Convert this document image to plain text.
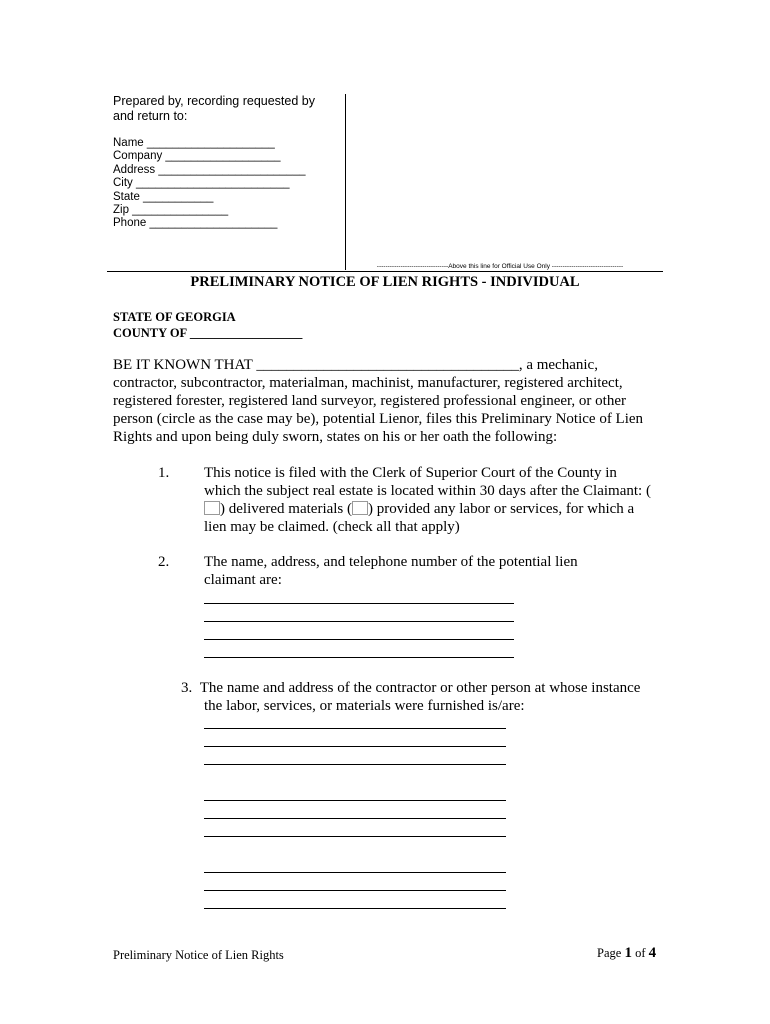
Prepared by, recording requested by and return to:
Name ____________________
Company __________________
Address _______________________
City ________________________
State ___________
Zip _______________
Phone ____________________
---------------------------------Above this line for Official Use Only ---------------------------------
PRELIMINARY NOTICE OF LIEN RIGHTS - INDIVIDUAL
STATE OF GEORGIA
COUNTY OF __________________
BE IT KNOWN THAT ___________________________________, a mechanic, contractor, subcontractor, materialman, machinist, manufacturer, registered architect, registered forester, registered land surveyor, registered professional engineer, or other person (circle as the case may be), potential Lienor, files this Preliminary Notice of Lien Rights and upon being duly sworn, states on his or her oath the following:
1. This notice is filed with the Clerk of Superior Court of the County in which the subject real estate is located within 30 days after the Claimant: () delivered materials ( ) provided any labor or services, for which a lien may be claimed. (check all that apply)
2. The name, address, and telephone number of the potential lien claimant are:
3. The name and address of the contractor or other person at whose instance the labor, services, or materials were furnished is/are:
Preliminary Notice of Lien Rights	Page 1 of 4
